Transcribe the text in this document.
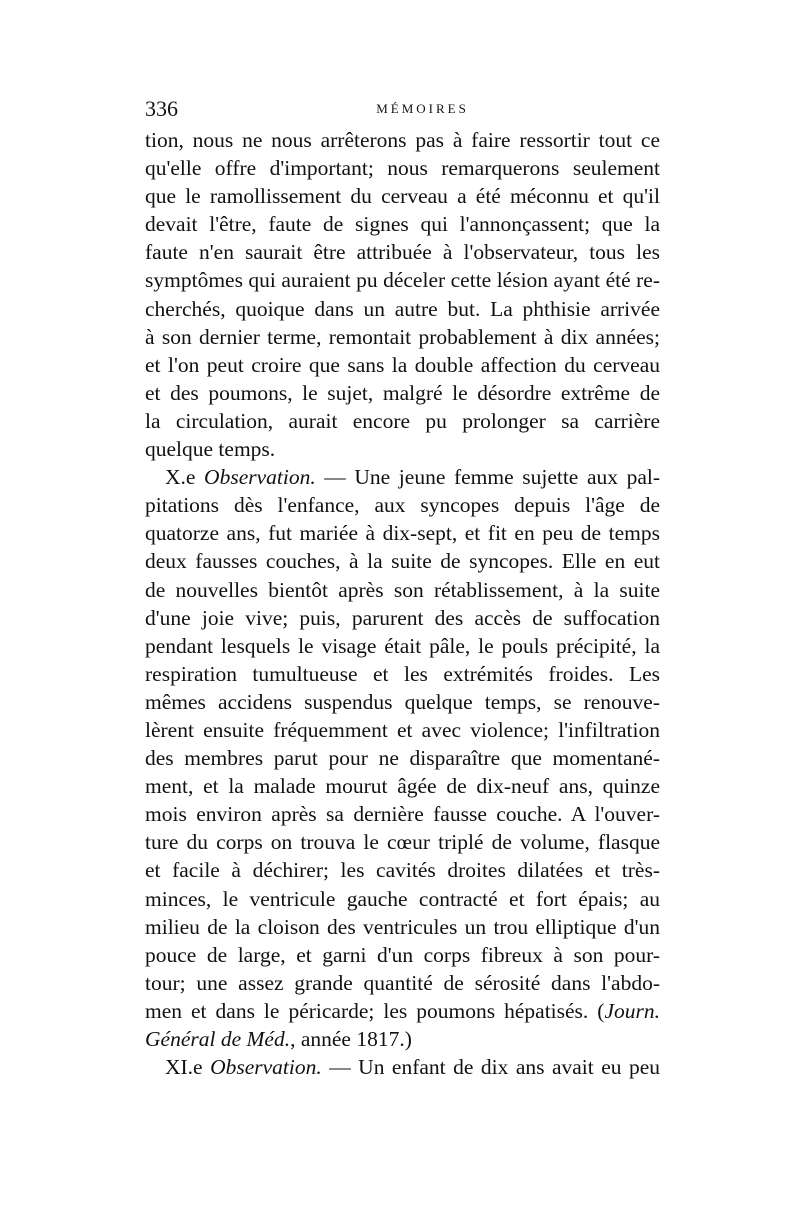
336	MÉMOIRES
tion, nous ne nous arrêterons pas à faire ressortir tout ce
qu'elle offre d'important; nous remarquerons seulement
que le ramollissement du cerveau a été méconnu et qu'il
devait l'être, faute de signes qui l'annonçassent; que la
faute n'en saurait être attribuée à l'observateur, tous les
symptômes qui auraient pu déceler cette lésion ayant été re-
cherchés, quoique dans un autre but. La phthisie arrivée
à son dernier terme, remontait probablement à dix années;
et l'on peut croire que sans la double affection du cerveau
et des poumons, le sujet, malgré le désordre extrême de
la circulation, aurait encore pu prolonger sa carrière
quelque temps.
X.e Observation. — Une jeune femme sujette aux pal-
pitations dès l'enfance, aux syncopes depuis l'âge de
quatorze ans, fut mariée à dix-sept, et fit en peu de temps
deux fausses couches, à la suite de syncopes. Elle en eut
de nouvelles bientôt après son rétablissement, à la suite
d'une joie vive; puis, parurent des accès de suffocation
pendant lesquels le visage était pâle, le pouls précipité, la
respiration tumultueuse et les extrémités froides. Les
mêmes accidens suspendus quelque temps, se renouve-
lèrent ensuite fréquemment et avec violence; l'infiltration
des membres parut pour ne disparaître que momentané-
ment, et la malade mourut âgée de dix-neuf ans, quinze
mois environ après sa dernière fausse couche. A l'ouver-
ture du corps on trouva le cœur triplé de volume, flasque
et facile à déchirer; les cavités droites dilatées et très-
minces, le ventricule gauche contracté et fort épais; au
milieu de la cloison des ventricules un trou elliptique d'un
pouce de large, et garni d'un corps fibreux à son pour-
tour; une assez grande quantité de sérosité dans l'abdo-
men et dans le péricarde; les poumons hépatisés. (Journ.
Général de Méd., année 1817.)
XI.e Observation. — Un enfant de dix ans avait eu peu
